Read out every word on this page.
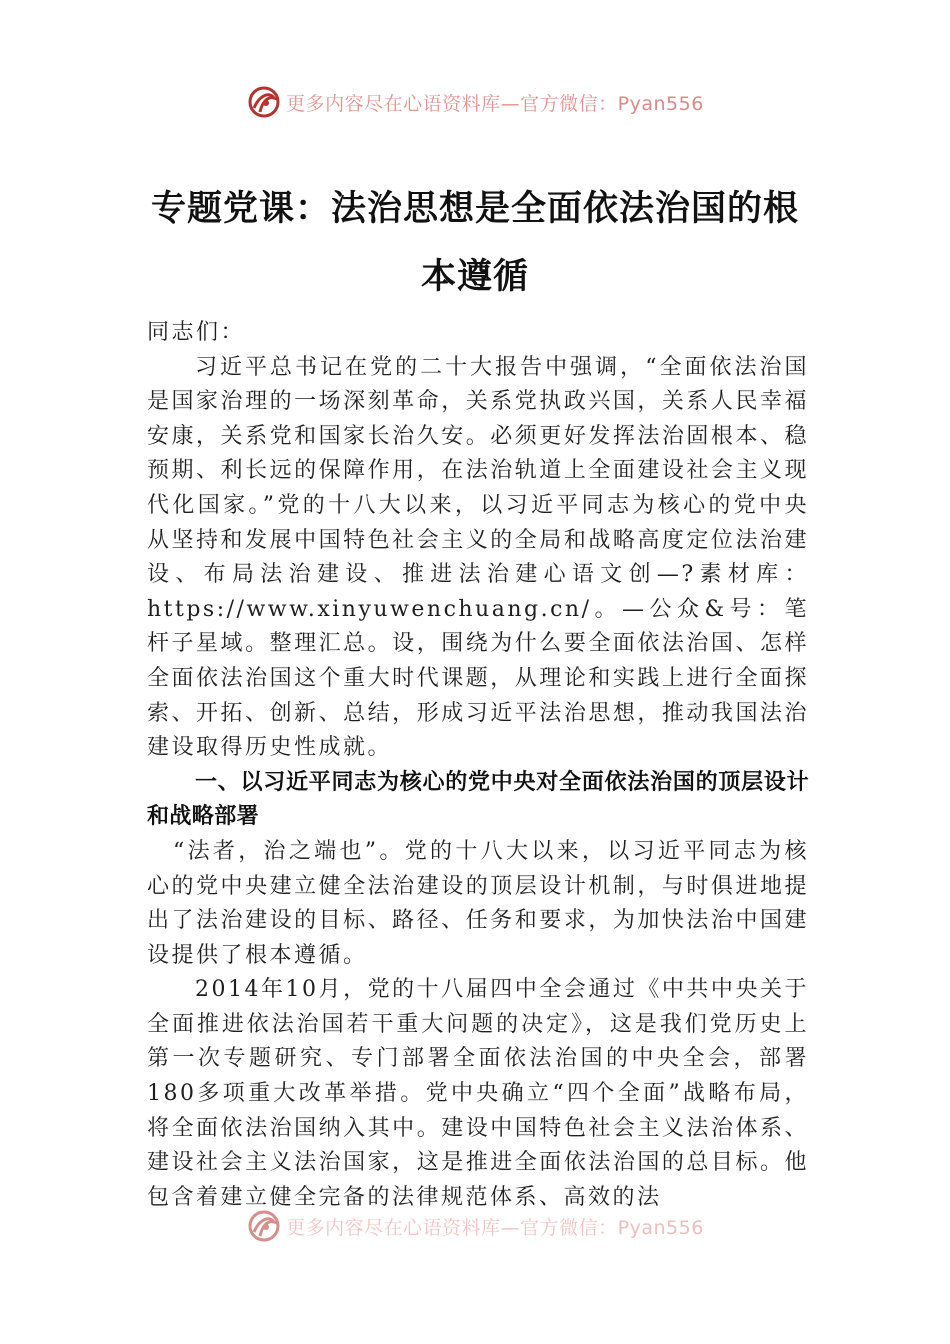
更多内容尽在心语资料库—官方微信：Pyan556
专题党课：法治思想是全面依法治国的根
本遵循

同志们：

习近平总书记在党的二十大报告中强调，“全面依法治国是国家治理的一场深刻革命，关系党执政兴国，关系人民幸福安康，关系党和国家长治久安。必须更好发挥法治固根本、稳预期、利长远的保障作用，在法治轨道上全面建设社会主义现代化国家。”党的十八大以来，以习近平同志为核心的党中央从坚持和发展中国特色社会主义的全局和战略高度定位法治建设、布局法治建设、推进法治建心语文创—?素材库：https://www.xinyuwenchuang.cn/。—公众&号：笔杆子星域。整理汇总。设，围绕为什么要全面依法治国、怎样全面依法治国这个重大时代课题，从理论和实践上进行全面探索、开拓、创新、总结，形成习近平法治思想，推动我国法治建设取得历史性成就。

一、以习近平同志为核心的党中央对全面依法治国的顶层设计和战略部署

“法者，治之端也”。党的十八大以来，以习近平同志为核心的党中央建立健全法治建设的顶层设计机制，与时俱进地提出了法治建设的目标、路径、任务和要求，为加快法治中国建设提供了根本遵循。

2014年10月，党的十八届四中全会通过《中共中央关于全面推进依法治国若干重大问题的决定》，这是我们党历史上第一次专题研究、专门部署全面依法治国的中央全会，部署180多项重大改革举措。党中央确立“四个全面”战略布局，将全面依法治国纳入其中。建设中国特色社会主义法治体系、建设社会主义法治国家，这是推进全面依法治国的总目标。他包含着建立健全完备的法律规范体系、高效的法

更多内容尽在心语资料库—官方微信：Pyan556
